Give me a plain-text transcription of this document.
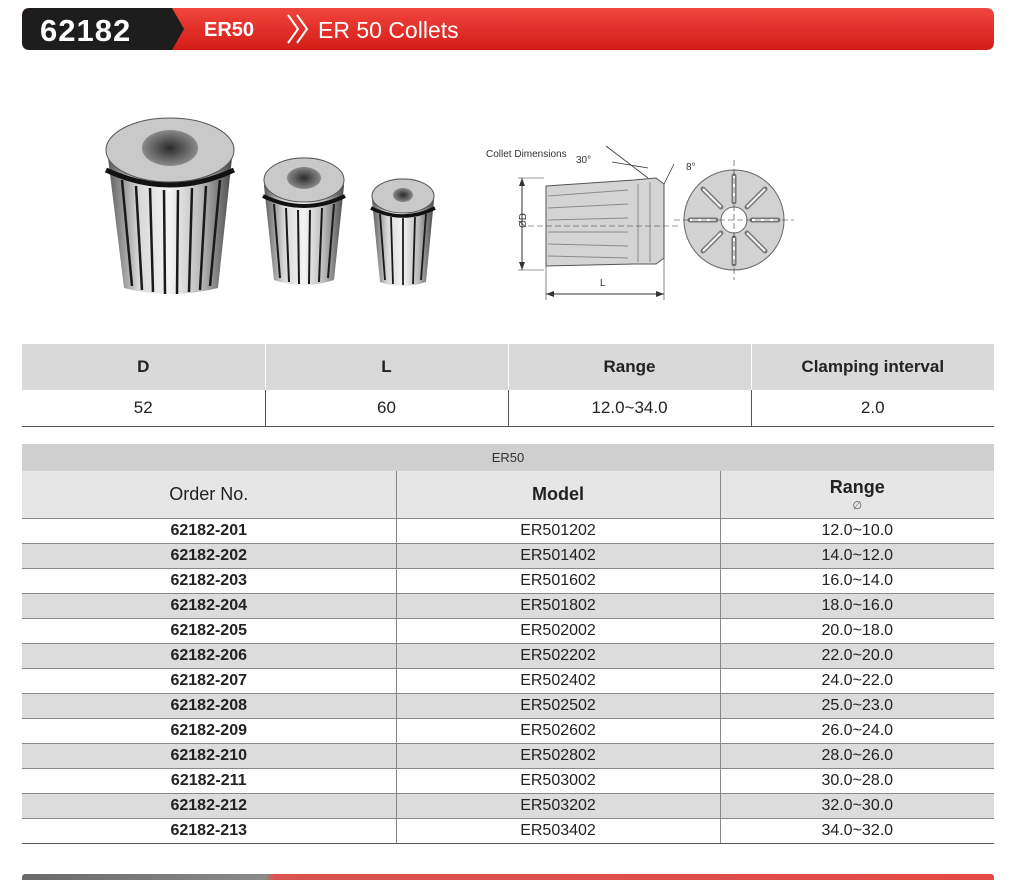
62182	ER50	ER 50 Collets
Collet Dimensions
30°
8°
ØD
L
D	L	Range	Clamping interval
52	60	12.0~34.0	2.0
ER50		
Order No.	Model	Range
∅

62182-201	ER501202	12.0~10.0
62182-202	ER501402	14.0~12.0
62182-203	ER501602	16.0~14.0
62182-204	ER501802	18.0~16.0
62182-205	ER502002	20.0~18.0
62182-206	ER502202	22.0~20.0
62182-207	ER502402	24.0~22.0
62182-208	ER502502	25.0~23.0
62182-209	ER502602	26.0~24.0
62182-210	ER502802	28.0~26.0
62182-211	ER503002	30.0~28.0
62182-212	ER503202	32.0~30.0
62182-213	ER503402	34.0~32.0
